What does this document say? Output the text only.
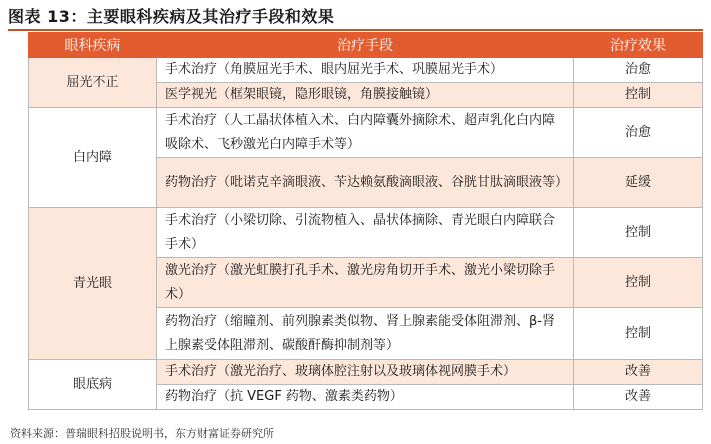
图表 13：主要眼科疾病及其治疗手段和效果
眼科疾病	治疗手段	治疗效果
屈光不正	手术治疗（角膜屈光手术、眼内屈光手术、巩膜屈光手术）	治愈
	医学视光（框架眼镜，隐形眼镜，角膜接触镜）	控制
白内障	手术治疗（人工晶状体植入术、白内障囊外摘除术、超声乳化白内障吸除术、飞秒激光白内障手术等）	治愈
	药物治疗（吡诺克辛滴眼液、苄达赖氨酸滴眼液、谷胱甘肽滴眼液等）	延缓
青光眼	手术治疗（小梁切除、引流物植入、晶状体摘除、青光眼白内障联合手术）	控制
	激光治疗（激光虹膜打孔手术、激光房角切开手术、激光小梁切除手术）	控制
	药物治疗（缩瞳剂、前列腺素类似物、肾上腺素能受体阻滞剂、β-肾上腺素受体阻滞剂、碳酸酐酶抑制剂等）	控制
眼底病	手术治疗（激光治疗、玻璃体腔注射以及玻璃体视网膜手术）	改善
	药物治疗（抗 VEGF 药物、激素类药物）	改善
资料来源：普瑞眼科招股说明书，东方财富证券研究所
